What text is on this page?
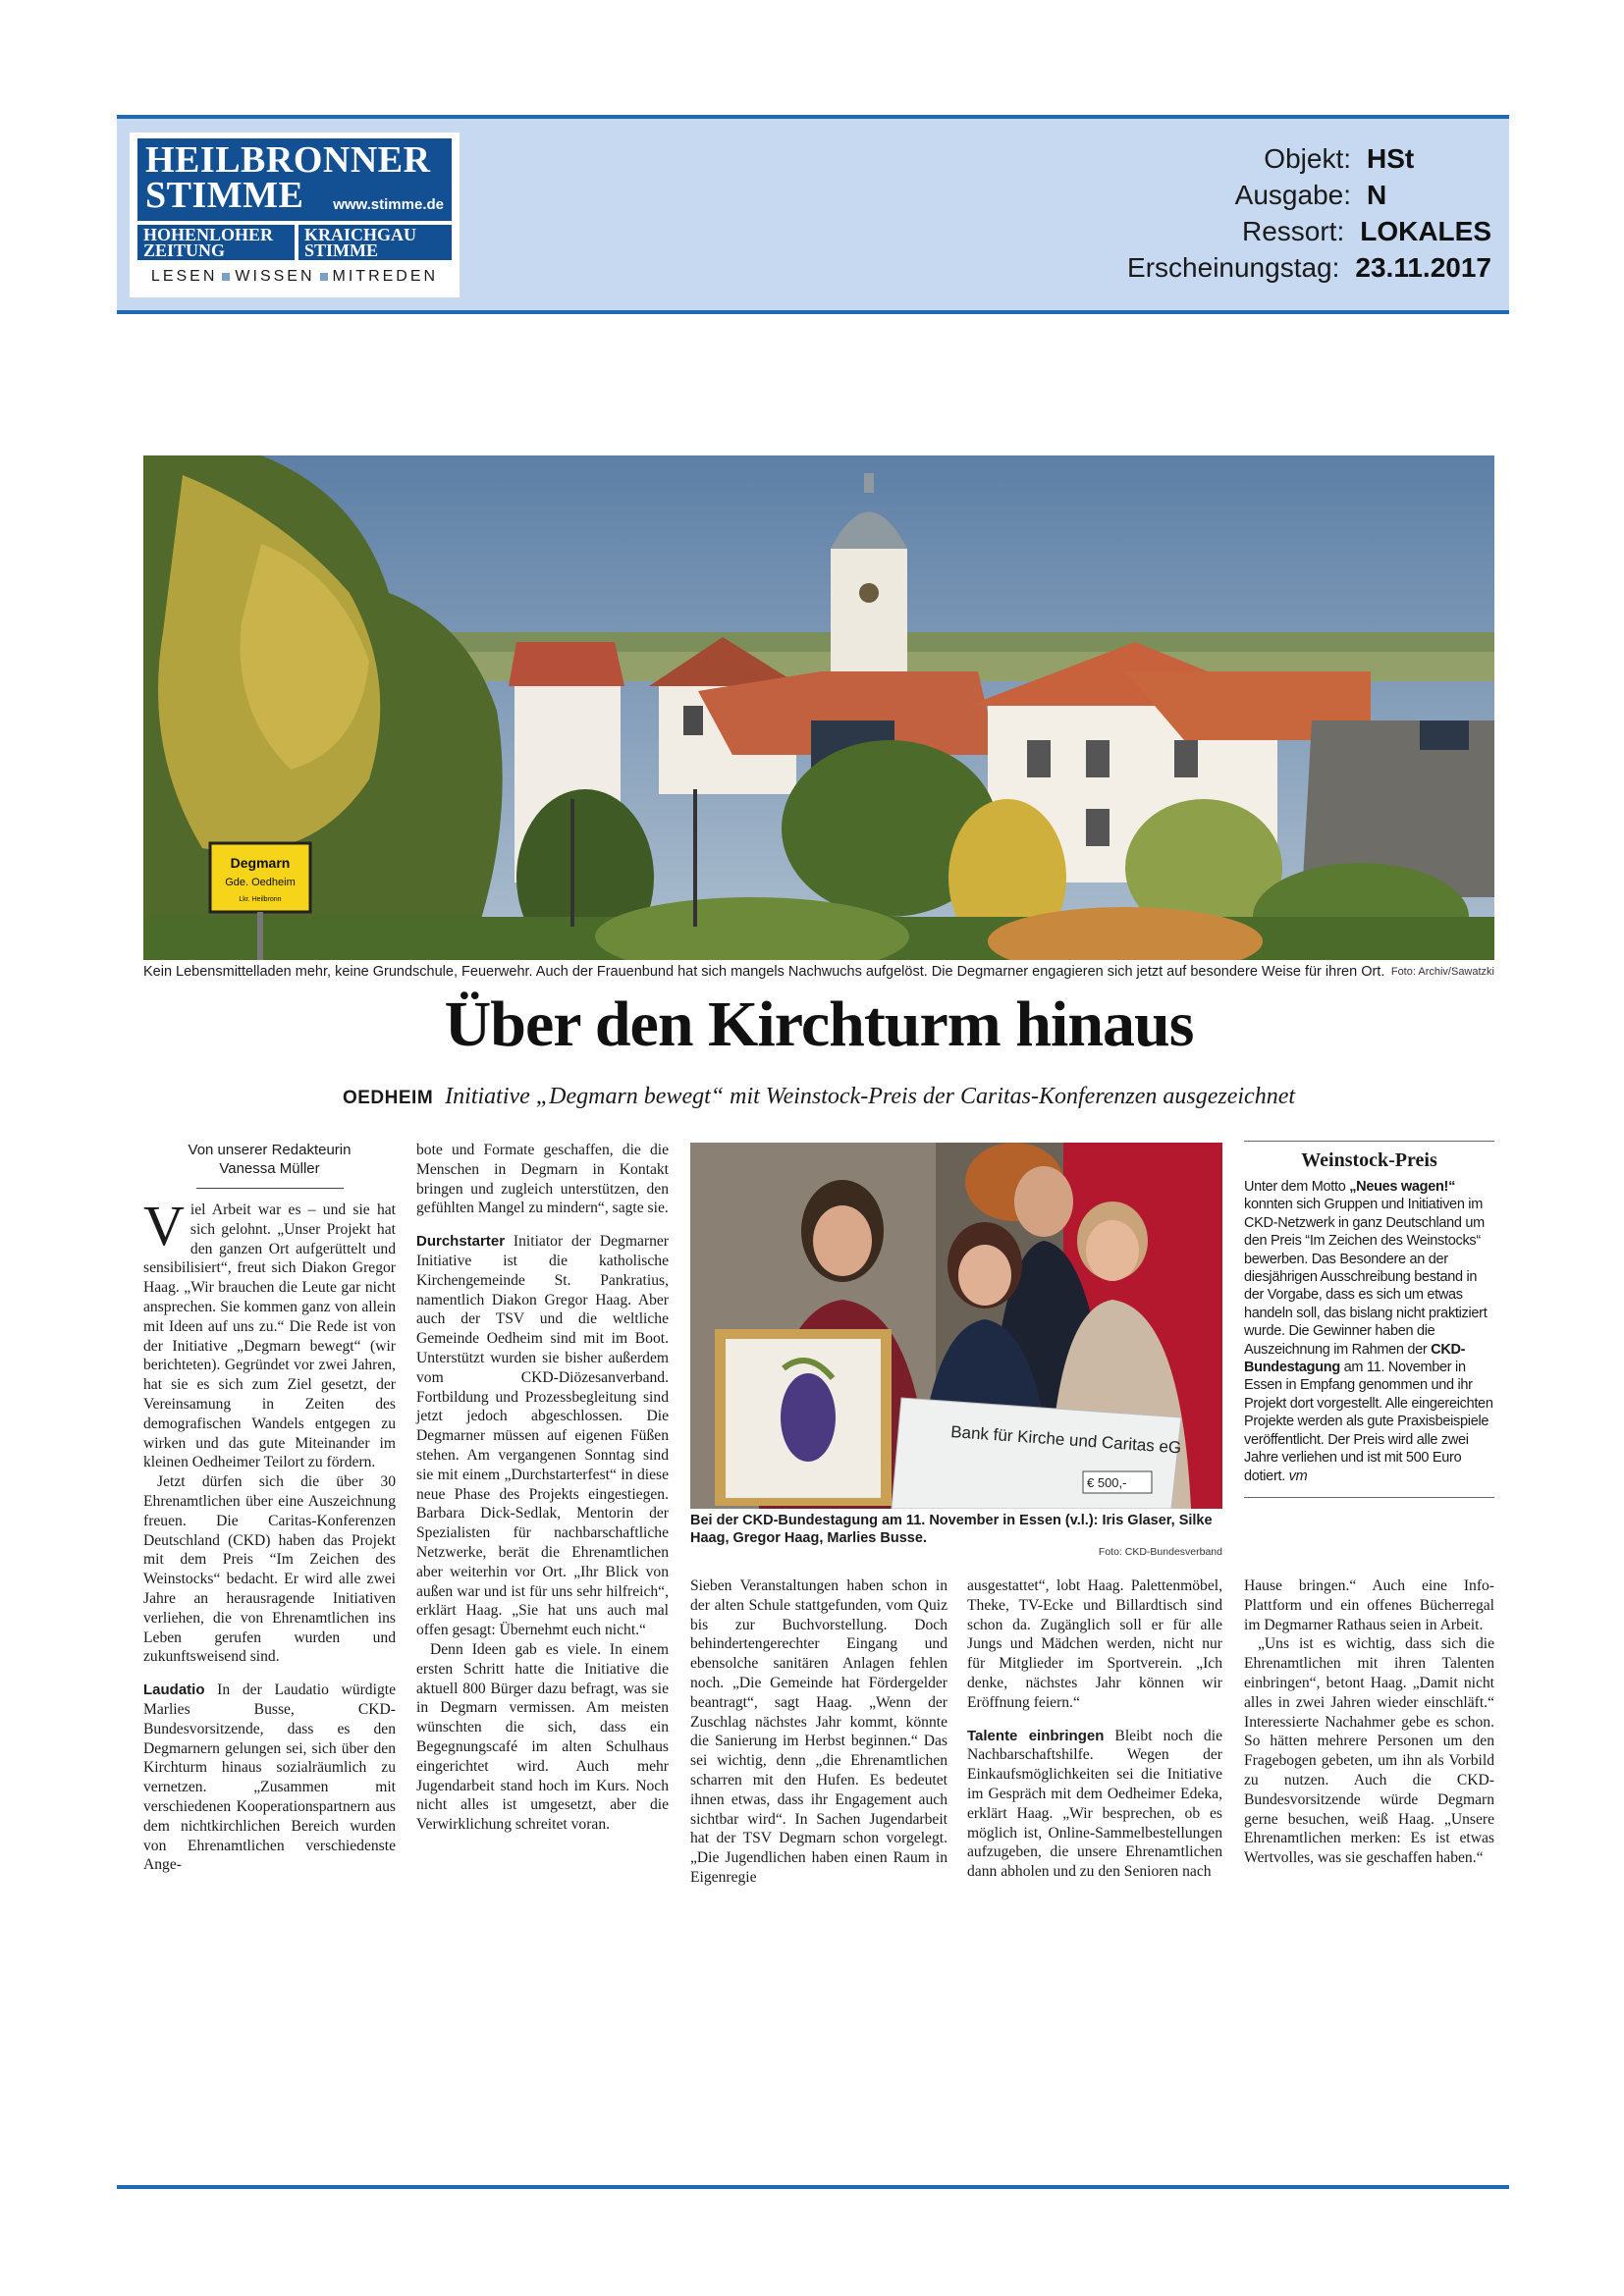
HEILBRONNER
STIMME	www.stimme.de
HOHENLOHER
ZEITUNG
KRAICHGAU
STIMME
LESEN WISSEN MITREDEN
Objekt: HSt
Ausgabe: N
Ressort: LOKALES
Erscheinungstag: 23.11.2017
Degmarn
Gde. Oedheim
Lkr. Heilbronn
Kein Lebensmittelladen mehr, keine Grundschule, Feuerwehr. Auch der Frauenbund hat sich mangels Nachwuchs aufgelöst. Die Degmarner engagieren sich jetzt auf besondere Weise für ihren Ort. Foto: Archiv/Sawatzki
Über den Kirchturm hinaus
OEDHEIM Initiative „Degmarn bewegt“ mit Weinstock-Preis der Caritas-Konferenzen ausgezeichnet
Von unserer Redakteurin
Vanessa Müller

Viel Arbeit war es – und sie hat sich gelohnt. „Unser Projekt hat den ganzen Ort aufgerüttelt und sensibilisiert“, freut sich Diakon Gregor Haag. „Wir brauchen die Leute gar nicht ansprechen. Sie kommen ganz von allein mit Ideen auf uns zu.“ Die Rede ist von der Initiative „Degmarn bewegt“ (wir berichteten). Gegründet vor zwei Jahren, hat sie es sich zum Ziel gesetzt, der Vereinsamung in Zeiten des demografischen Wandels entgegen zu wirken und das gute Miteinander im kleinen Oedheimer Teilort zu fördern.

Jetzt dürfen sich die über 30 Ehrenamtlichen über eine Auszeichnung freuen. Die Caritas-Konferenzen Deutschland (CKD) haben das Projekt mit dem Preis “Im Zeichen des Weinstocks“ bedacht. Er wird alle zwei Jahre an herausragende Initiativen verliehen, die von Ehrenamtlichen ins Leben gerufen wurden und zukunftsweisend sind.

Laudatio In der Laudatio würdigte Marlies Busse, CKD-Bundesvorsitzende, dass es den Degmarnern gelungen sei, sich über den Kirchturm hinaus sozialräumlich zu vernetzen. „Zusammen mit verschiedenen Kooperationspartnern aus dem nichtkirchlichen Bereich wurden von Ehrenamtlichen verschiedenste Ange-

bote und Formate geschaffen, die die Menschen in Degmarn in Kontakt bringen und zugleich unterstützen, den gefühlten Mangel zu mindern“, sagte sie.

Durchstarter Initiator der Degmarner Initiative ist die katholische Kirchengemeinde St. Pankratius, namentlich Diakon Gregor Haag. Aber auch der TSV und die weltliche Gemeinde Oedheim sind mit im Boot. Unterstützt wurden sie bisher außerdem vom CKD-Diözesanverband. Fortbildung und Prozessbegleitung sind jetzt jedoch abgeschlossen. Die Degmarner müssen auf eigenen Füßen stehen. Am vergangenen Sonntag sind sie mit einem „Durchstarterfest“ in diese neue Phase des Projekts eingestiegen. Barbara Dick-Sedlak, Mentorin der Spezialisten für nachbarschaftliche Netzwerke, berät die Ehrenamtlichen aber weiterhin vor Ort. „Ihr Blick von außen war und ist für uns sehr hilfreich“, erklärt Haag. „Sie hat uns auch mal offen gesagt: Übernehmt euch nicht.“

Denn Ideen gab es viele. In einem ersten Schritt hatte die Initiative die aktuell 800 Bürger dazu befragt, was sie in Degmarn vermissen. Am meisten wünschten die sich, dass ein Begegnungscafé im alten Schulhaus eingerichtet wird. Auch mehr Jugendarbeit stand hoch im Kurs. Noch nicht alles ist umgesetzt, aber die Verwirklichung schreitet voran.

Bank für Kirche und Caritas eG
€ 500,-
Bei der CKD-Bundestagung am 11. November in Essen (v.l.): Iris Glaser, Silke Haag, Gregor Haag, Marlies Busse.
Foto: CKD-Bundesverband
Weinstock-Preis
Unter dem Motto „Neues wagen!“ konnten sich Gruppen und Initiativen im CKD-Netzwerk in ganz Deutschland um den Preis “Im Zeichen des Weinstocks“ bewerben. Das Besondere an der diesjährigen Ausschreibung bestand in der Vorgabe, dass es sich um etwas handeln soll, das bislang nicht praktiziert wurde. Die Gewinner haben die Auszeichnung im Rahmen der CKD-Bundestagung am 11. November in Essen in Empfang genommen und ihr Projekt dort vorgestellt. Alle eingereichten Projekte werden als gute Praxisbeispiele veröffentlicht. Der Preis wird alle zwei Jahre verliehen und ist mit 500 Euro dotiert. vm

Sieben Veranstaltungen haben schon in der alten Schule stattgefunden, vom Quiz bis zur Buchvorstellung. Doch behindertengerechter Eingang und ebensolche sanitären Anlagen fehlen noch. „Die Gemeinde hat Fördergelder beantragt“, sagt Haag. „Wenn der Zuschlag nächstes Jahr kommt, könnte die Sanierung im Herbst beginnen.“ Das sei wichtig, denn „die Ehrenamtlichen scharren mit den Hufen. Es bedeutet ihnen etwas, dass ihr Engagement auch sichtbar wird“. In Sachen Jugendarbeit hat der TSV Degmarn schon vorgelegt. „Die Jugendlichen haben einen Raum in Eigenregie

ausgestattet“, lobt Haag. Palettenmöbel, Theke, TV-Ecke und Billardtisch sind schon da. Zugänglich soll er für alle Jungs und Mädchen werden, nicht nur für Mitglieder im Sportverein. „Ich denke, nächstes Jahr können wir Eröffnung feiern.“

Talente einbringen Bleibt noch die Nachbarschaftshilfe. Wegen der Einkaufsmöglichkeiten sei die Initiative im Gespräch mit dem Oedheimer Edeka, erklärt Haag. „Wir besprechen, ob es möglich ist, Online-Sammelbestellungen aufzugeben, die unsere Ehrenamtlichen dann abholen und zu den Senioren nach

Hause bringen.“ Auch eine Info-Plattform und ein offenes Bücherregal im Degmarner Rathaus seien in Arbeit.

„Uns ist es wichtig, dass sich die Ehrenamtlichen mit ihren Talenten einbringen“, betont Haag. „Damit nicht alles in zwei Jahren wieder einschläft.“ Interessierte Nachahmer gebe es schon. So hätten mehrere Personen um den Fragebogen gebeten, um ihn als Vorbild zu nutzen. Auch die CKD-Bundesvorsitzende würde Degmarn gerne besuchen, weiß Haag. „Unsere Ehrenamtlichen merken: Es ist etwas Wertvolles, was sie geschaffen haben.“
